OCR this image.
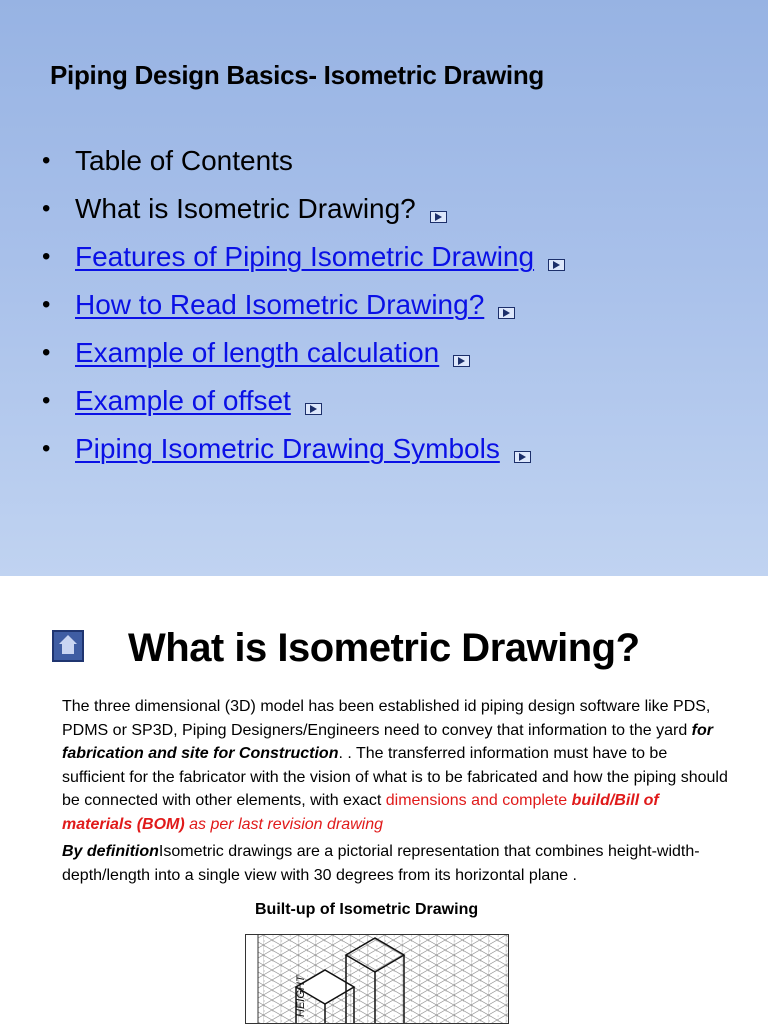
Piping Design Basics- Isometric Drawing
• Table of Contents
• What is Isometric Drawing?
• Features of Piping Isometric Drawing
• How to Read Isometric Drawing?
• Example of length calculation
• Example of offset
• Piping Isometric Drawing Symbols
What is Isometric Drawing?

The three dimensional (3D) model has been established id piping design software like PDS, PDMS or SP3D, Piping Designers/Engineers need to convey that information to the yard for fabrication and site for Construction. . The transferred information must have to be sufficient for the fabricator with the vision of what is to be fabricated and how the piping should be connected with other elements, with exact dimensions and complete build/Bill of materials (BOM) as per last revision drawing

By definitionIsometric drawings are a pictorial representation that combines height-width-depth/length into a single view with 30 degrees from its horizontal plane .

Built-up of Isometric Drawing
HEIGHT
